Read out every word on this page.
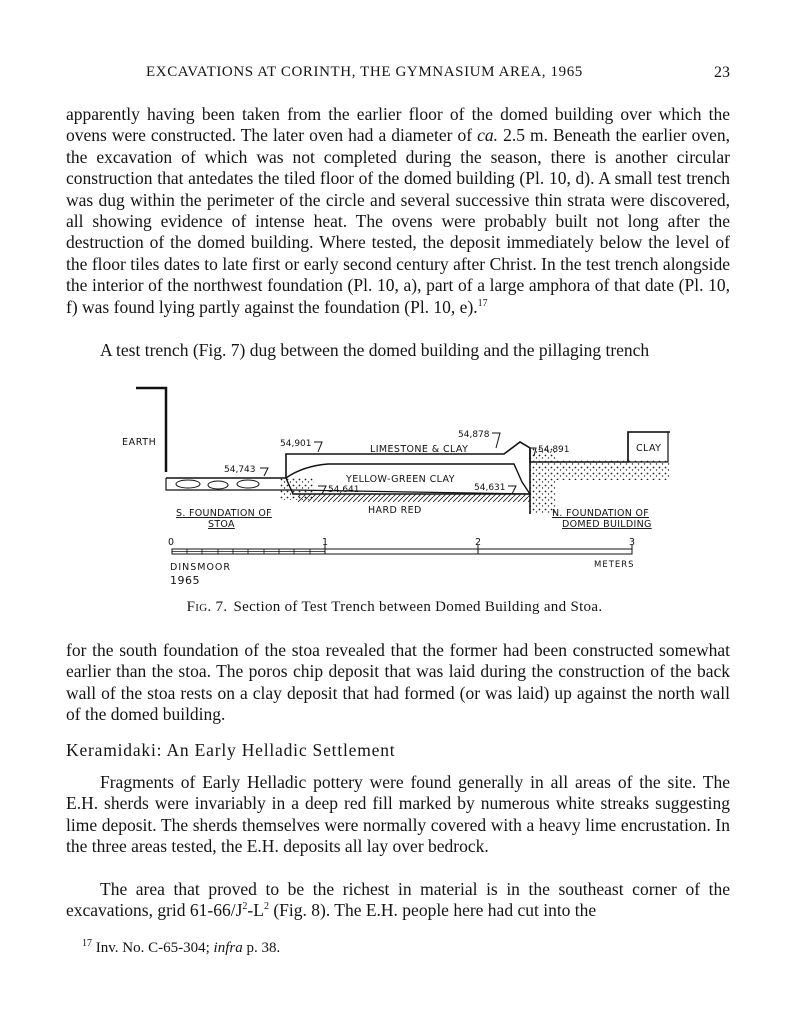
EXCAVATIONS AT CORINTH, THE GYMNASIUM AREA, 1965	23

apparently having been taken from the earlier floor of the domed building over which the ovens were constructed. The later oven had a diameter of ca. 2.5 m. Beneath the earlier oven, the excavation of which was not completed during the season, there is another circular construction that antedates the tiled floor of the domed building (Pl. 10, d). A small test trench was dug within the perimeter of the circle and several successive thin strata were discovered, all showing evidence of intense heat. The ovens were probably built not long after the destruction of the domed building. Where tested, the deposit immediately below the level of the floor tiles dates to late first or early second century after Christ. In the test trench alongside the interior of the northwest foundation (Pl. 10, a), part of a large amphora of that date (Pl. 10, f) was found lying partly against the foundation (Pl. 10, e).$^{17}$

A test trench (Fig. 7) dug between the domed building and the pillaging trench

EARTH
LIMESTONE & CLAY
YELLOW-GREEN CLAY
HARD RED
CLAY
54,743
54,901
54,878
54,891
54,641	54,631
S. FOUNDATION OF
STOA
N. FOUNDATION OF
DOMED BUILDING
0	1	2	3
DINSMOOR
1965
METERS
Fig. 7. Section of Test Trench between Domed Building and Stoa.

for the south foundation of the stoa revealed that the former had been constructed somewhat earlier than the stoa. The poros chip deposit that was laid during the construction of the back wall of the stoa rests on a clay deposit that had formed (or was laid) up against the north wall of the domed building.

Keramidaki: An Early Helladic Settlement

Fragments of Early Helladic pottery were found generally in all areas of the site. The E.H. sherds were invariably in a deep red fill marked by numerous white streaks suggesting lime deposit. The sherds themselves were normally covered with a heavy lime encrustation. In the three areas tested, the E.H. deposits all lay over bedrock.

The area that proved to be the richest in material is in the southeast corner of the excavations, grid $61-66/J^2-L^2$ (Fig. 8). The E.H. people here had cut into the

$^{17}$ Inv. No. C-65-304; infra p. 38.
